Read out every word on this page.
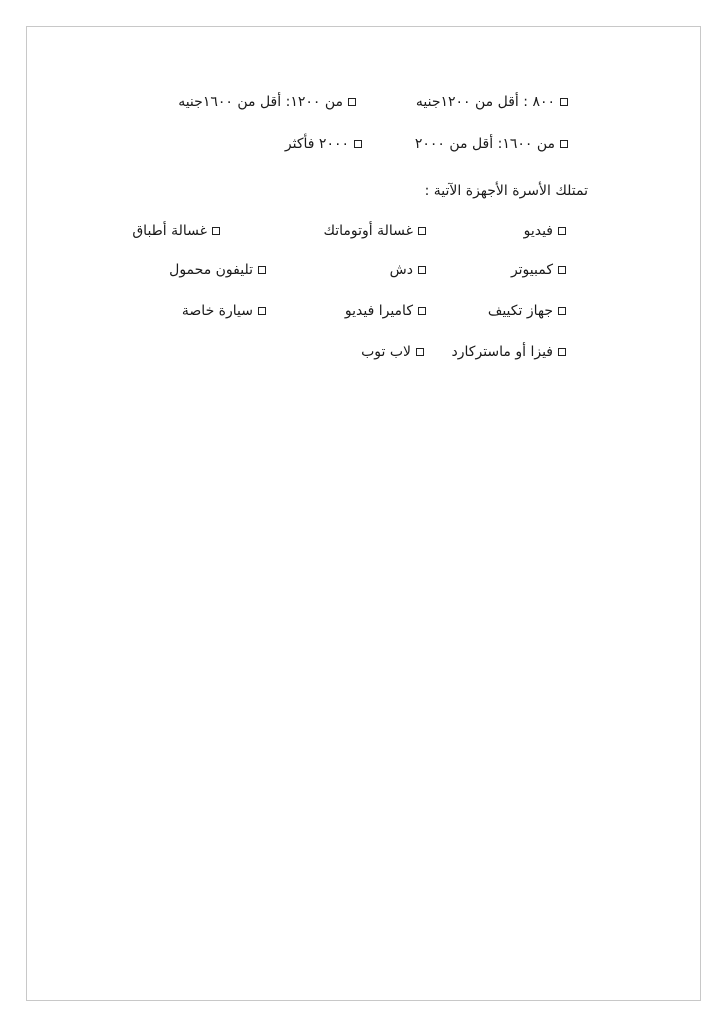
٨٠٠ : أقل من ١٢٠٠جنيه
من ١٢٠٠: أقل من ١٦٠٠جنيه
من ١٦٠٠: أقل من ٢٠٠٠
٢٠٠٠ فأكثر
تمتلك الأسرة الأجهزة الآتية :
فيديو
غسالة أوتوماتك
غسالة أطباق
كمبيوتر
دش
تليفون محمول
جهاز تكييف
كاميرا فيديو
سيارة خاصة
فيزا أو ماستركارد
لاب توب
